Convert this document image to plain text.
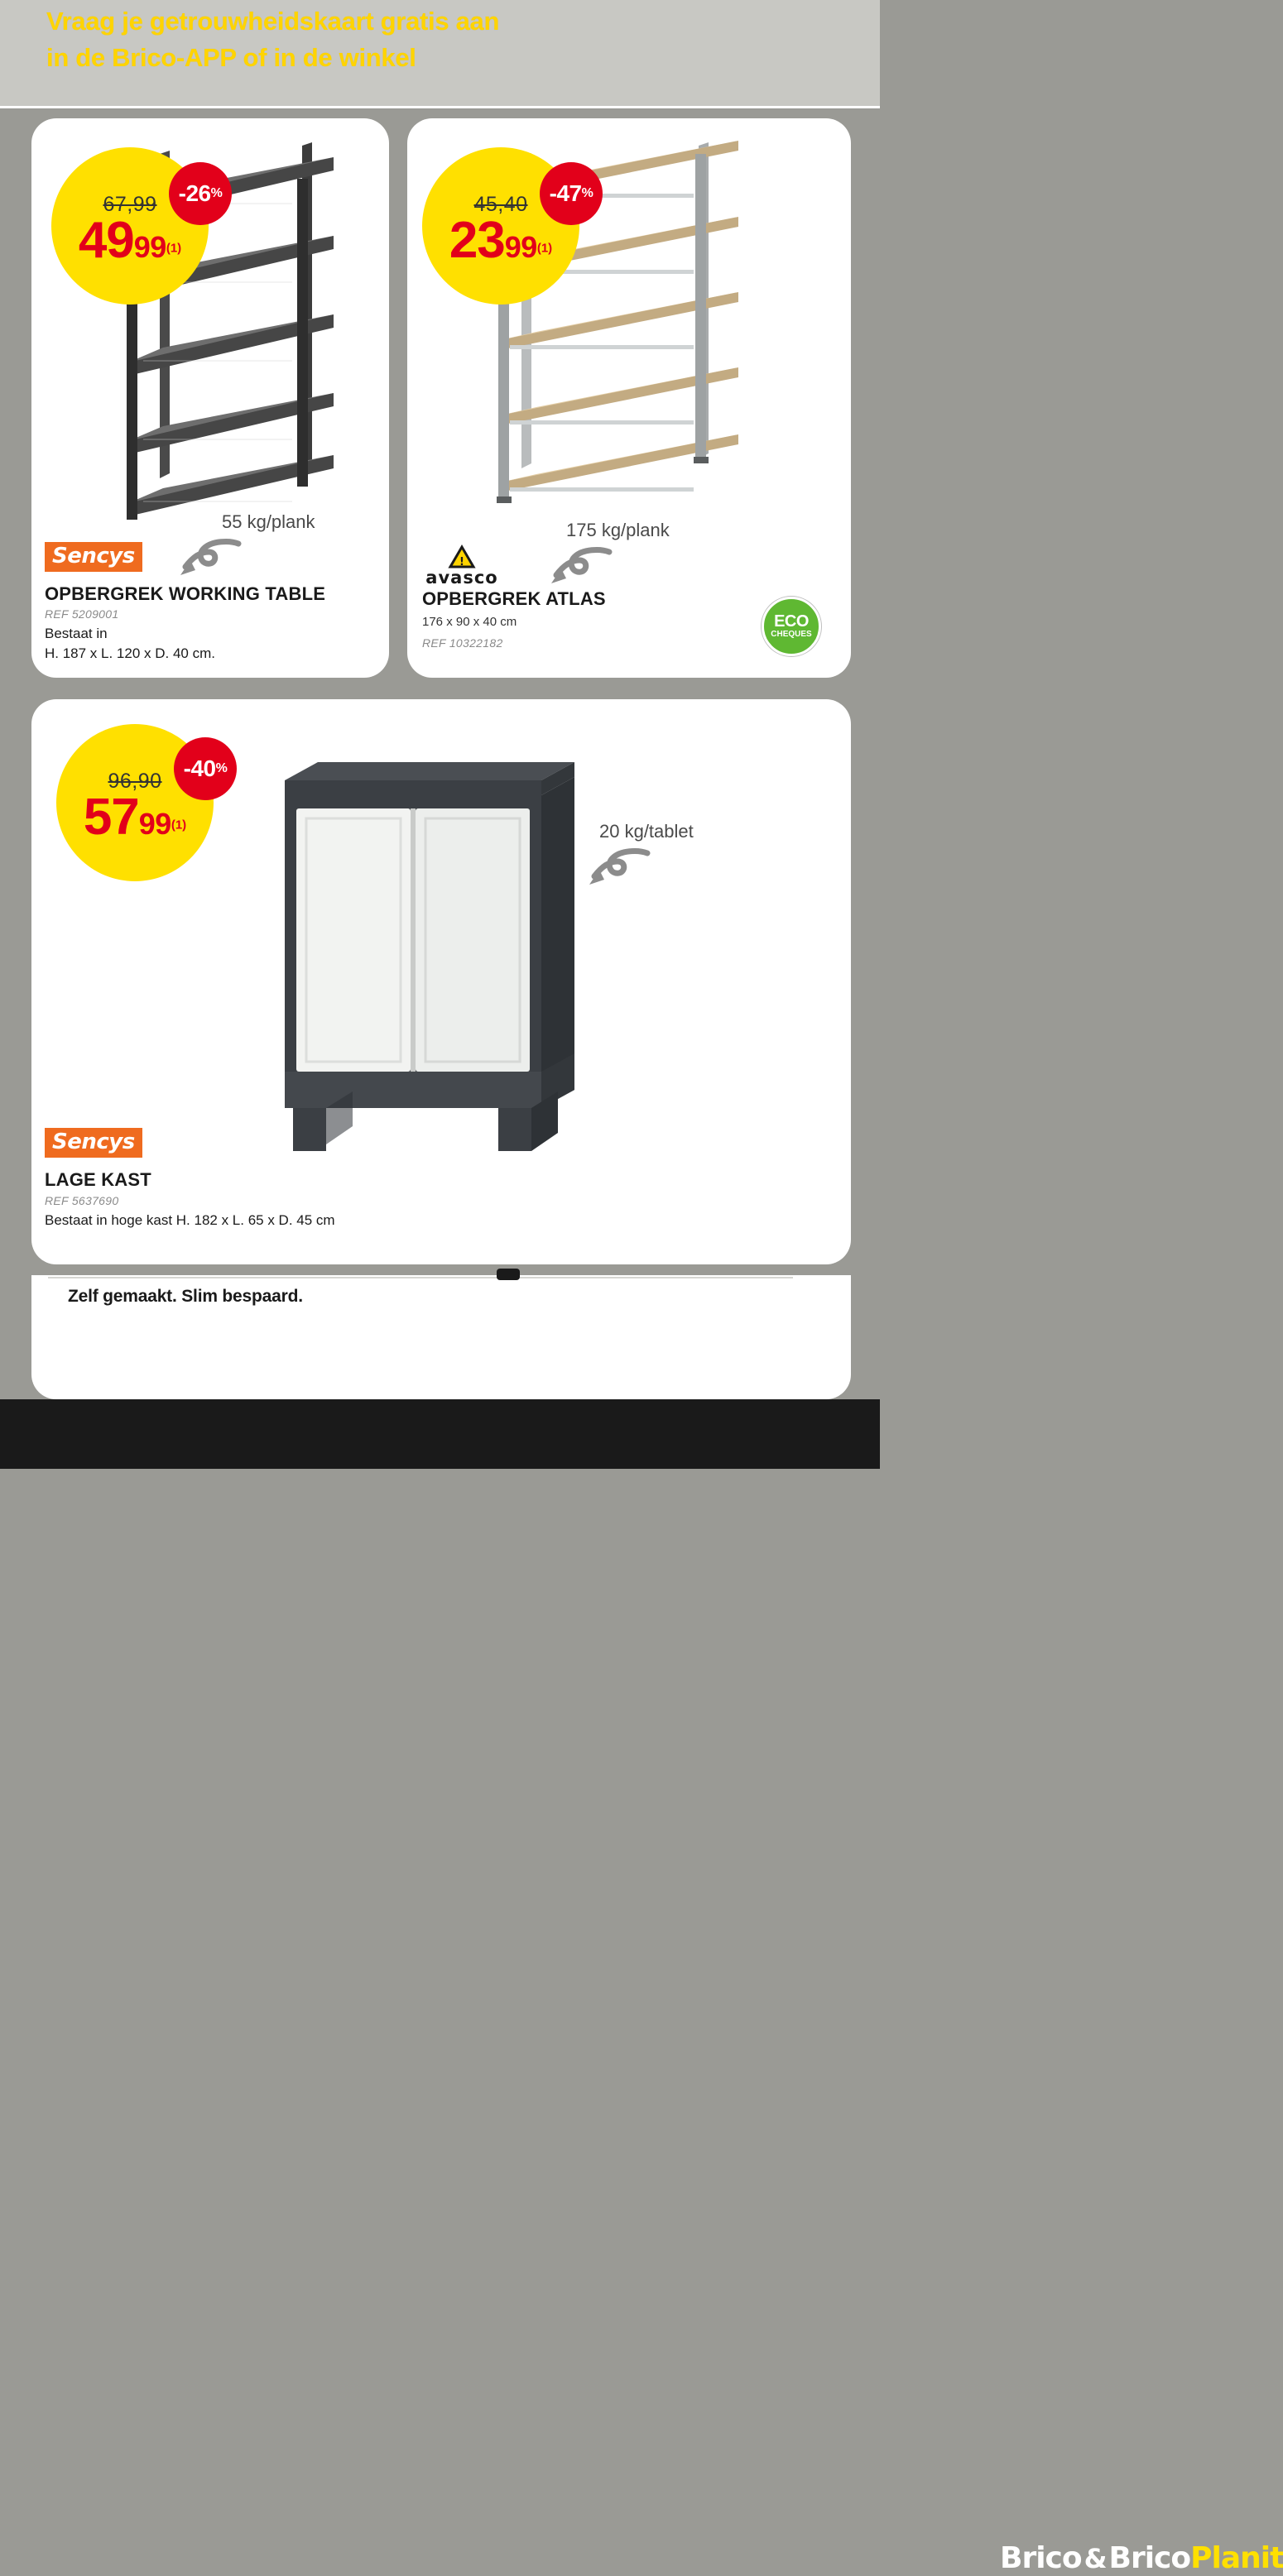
Vraag je getrouwheidskaart gratis aan
in de Brico-APP of in de winkel
67,99
4999(1)
-26 %
55 kg/plank
Sencys
OPBERGREK WORKING TABLE
REF 5209001
Bestaat in
H. 187 x L. 120 x D. 40 cm.
45,40
2399(1)
-47 %
175 kg/plank
!
avasco
ECO
CHEQUES
OPBERGREK ATLAS
176 x 90 x 40 cm
REF 10322182
96,90
5799(1)
-40 %
20 kg/tablet
Sencys
LAGE KAST
REF 5637690
Bestaat in hoge kast H. 182 x L. 65 x D. 45 cm
Zelf gemaakt. Slim bespaard.
Brico & Brico Planit
